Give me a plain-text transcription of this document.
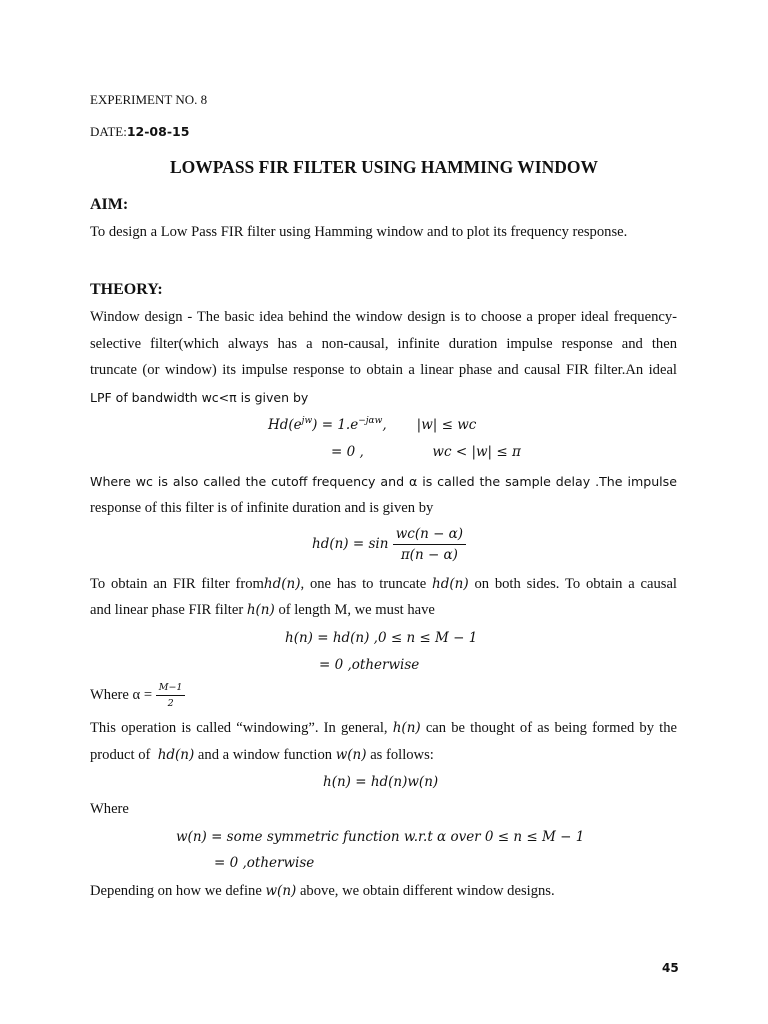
EXPERIMENT NO. 8
DATE:12-08-15
LOWPASS FIR FILTER USING HAMMING WINDOW
AIM:
To design a Low Pass FIR filter using Hamming window and to plot its frequency response.
THEORY:
Window design - The basic idea behind the window design is to choose a proper ideal frequency-
selective filter(which always has a non-causal, infinite duration impulse response and then
truncate (or window) its impulse response to obtain a linear phase and causal FIR filter.An ideal
LPF of bandwidth wc<π is given by
$Hd(e^{jw}) = 1.e^{-j\alpha w}$,       |w| ≤ wc
= 0 ,                wc < |w| ≤ π
Where wc is also called the cutoff frequency and α is called the sample delay .The impulse
response of this filter is of infinite duration and is given by
$hd(n) = \sin \frac{wc(n - \alpha)}{\pi(n - \alpha)}$
To obtain an FIR filter fromhd(n), one has to truncate hd(n) on both sides. To obtain a causal
and linear phase FIR filter h(n) of length M, we must have
h(n) = hd(n) ,0 ≤ n ≤ M − 1
= 0 ,otherwise
Where $\alpha = \frac{M-1}{2}$
This operation is called “windowing”. In general, h(n) can be thought of as being formed by the
product of hd(n) and a window function w(n) as follows:
h(n) = hd(n)w(n)
Where
w(n) = some symmetric function w.r.t α over 0 ≤ n ≤ M − 1
= 0 ,otherwise
Depending on how we define w(n) above, we obtain different window designs.
45
